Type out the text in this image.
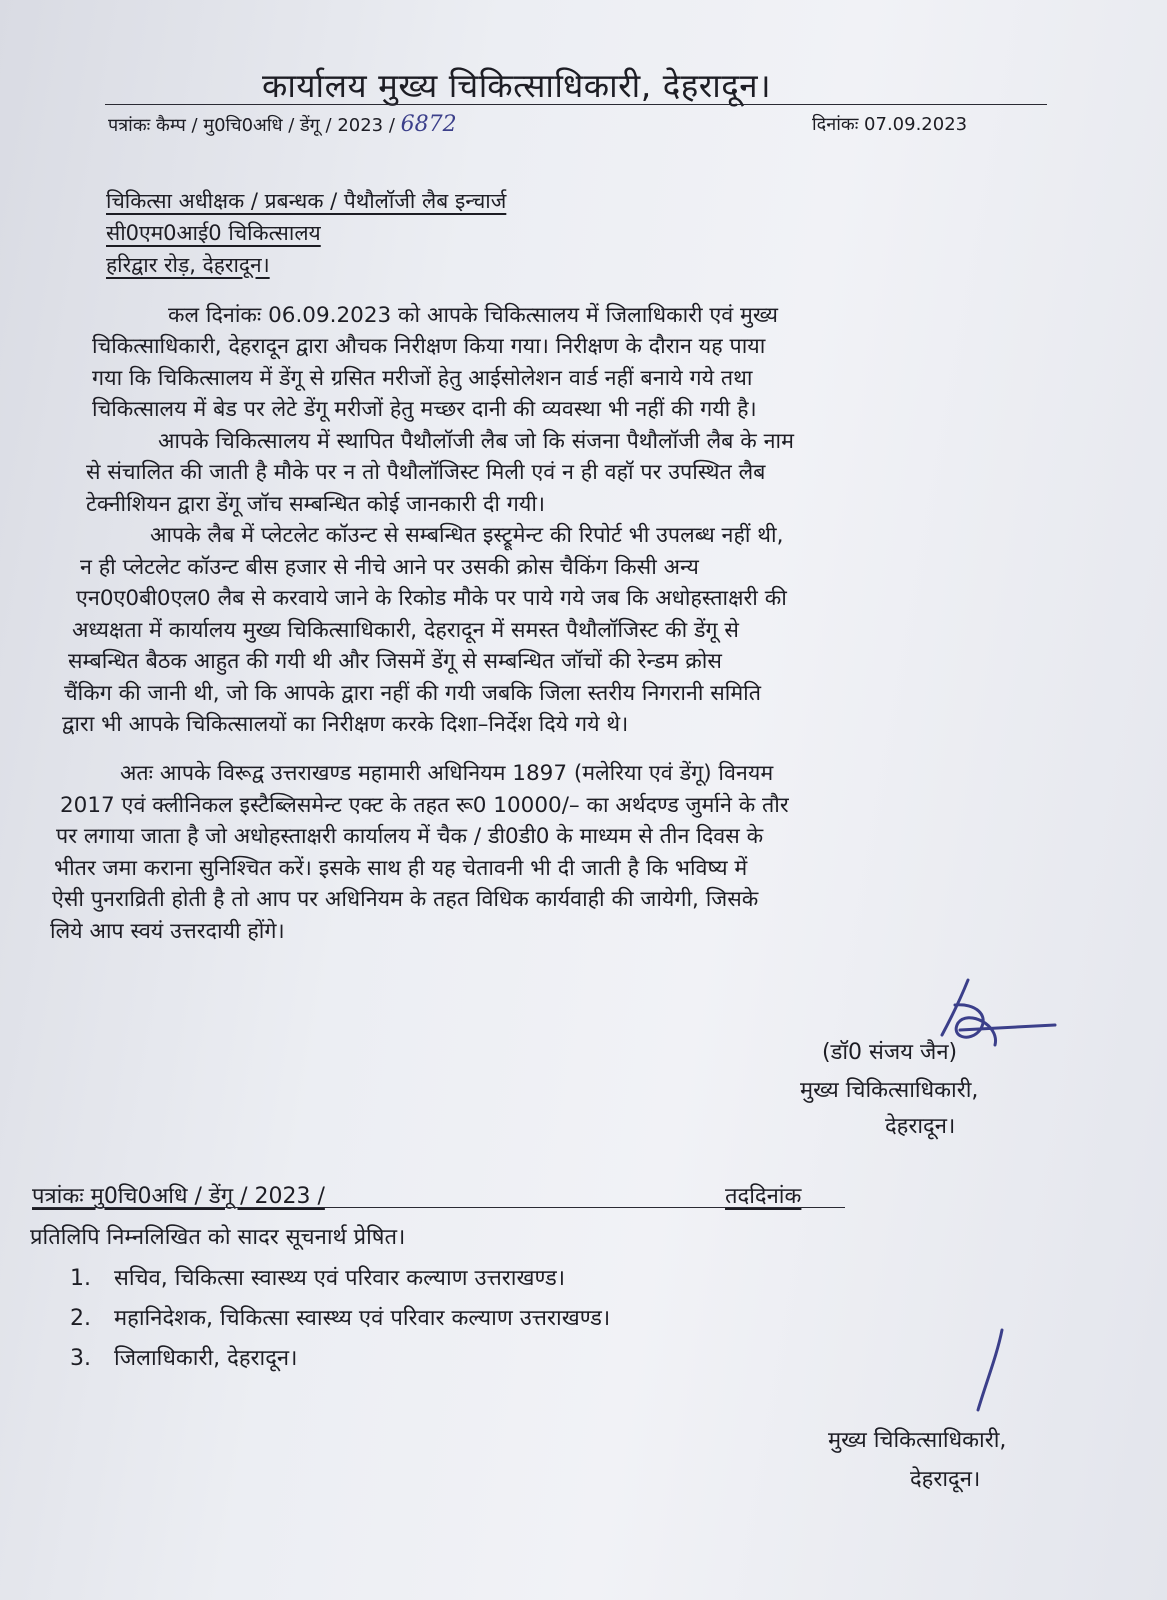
कार्यालय मुख्य चिकित्साधिकारी, देहरादून।
पत्रांकः कैम्प / मु0चि0अधि / डेंगू / 2023 / 6872	दिनांकः 07.09.2023
चिकित्सा अधीक्षक / प्रबन्धक / पैथौलॉजी लैब इन्चार्ज
सी0एम0आई0 चिकित्सालय
हरिद्वार रोड़, देहरादून।
कल दिनांकः 06.09.2023 को आपके चिकित्सालय में जिलाधिकारी एवं मुख्य
चिकित्साधिकारी, देहरादून द्वारा औचक निरीक्षण किया गया। निरीक्षण के दौरान यह पाया
गया कि चिकित्सालय में डेंगू से ग्रसित मरीजों हेतु आईसोलेशन वार्ड नहीं बनाये गये तथा
चिकित्सालय में बेड पर लेटे डेंगू मरीजों हेतु मच्छर दानी की व्यवस्था भी नहीं की गयी है।
आपके चिकित्सालय में स्थापित पैथौलॉजी लैब जो कि संजना पैथौलॉजी लैब के नाम
से संचालित की जाती है मौके पर न तो पैथौलॉजिस्ट मिली एवं न ही वहॉ पर उपस्थित लैब
टेक्नीशियन द्वारा डेंगू जॉच सम्बन्धित कोई जानकारी दी गयी।
आपके लैब में प्लेटलेट कॉउन्ट से सम्बन्धित इस्ट्रूमेन्ट की रिपोर्ट भी उपलब्ध नहीं थी,
न ही प्लेटलेट कॉउन्ट बीस हजार से नीचे आने पर उसकी क्रोस चैकिंग किसी अन्य
एन0ए0बी0एल0 लैब से करवाये जाने के रिकोड मौके पर पाये गये जब कि अधोहस्ताक्षरी की
अध्यक्षता में कार्यालय मुख्य चिकित्साधिकारी, देहरादून में समस्त पैथौलॉजिस्ट की डेंगू से
सम्बन्धित बैठक आहुत की गयी थी और जिसमें डेंगू से सम्बन्धित जॉचों की रेन्डम क्रोस
चैंकिग की जानी थी, जो कि आपके द्वारा नहीं की गयी जबकि जिला स्तरीय निगरानी समिति
द्वारा भी आपके चिकित्सालयों का निरीक्षण करके दिशा–निर्देश दिये गये थे।
अतः आपके विरूद्व उत्तराखण्ड महामारी अधिनियम 1897 (मलेरिया एवं डेंगू) विनयम
2017 एवं क्लीनिकल इस्टैब्लिसमेन्ट एक्ट के तहत रू0 10000/– का अर्थदण्ड जुर्माने के तौर
पर लगाया जाता है जो अधोहस्ताक्षरी कार्यालय में चैक / डी0डी0 के माध्यम से तीन दिवस के
भीतर जमा कराना सुनिश्चित करें। इसके साथ ही यह चेतावनी भी दी जाती है कि भविष्य में
ऐसी पुनराव्रिती होती है तो आप पर अधिनियम के तहत विधिक कार्यवाही की जायेगी, जिसके
लिये आप स्वयं उत्तरदायी होंगे।
(डॉ0 संजय जैन)
मुख्य चिकित्साधिकारी,
देहरादून।
पत्रांकः मु0चि0अधि / डेंगू / 2023 /	तददिनांक
प्रतिलिपि निम्नलिखित को सादर सूचनार्थ प्रेषित।
1. सचिव, चिकित्सा स्वास्थ्य एवं परिवार कल्याण उत्तराखण्ड।
2. महानिदेशक, चिकित्सा स्वास्थ्य एवं परिवार कल्याण उत्तराखण्ड।
3. जिलाधिकारी, देहरादून।
मुख्य चिकित्साधिकारी,
देहरादून।
